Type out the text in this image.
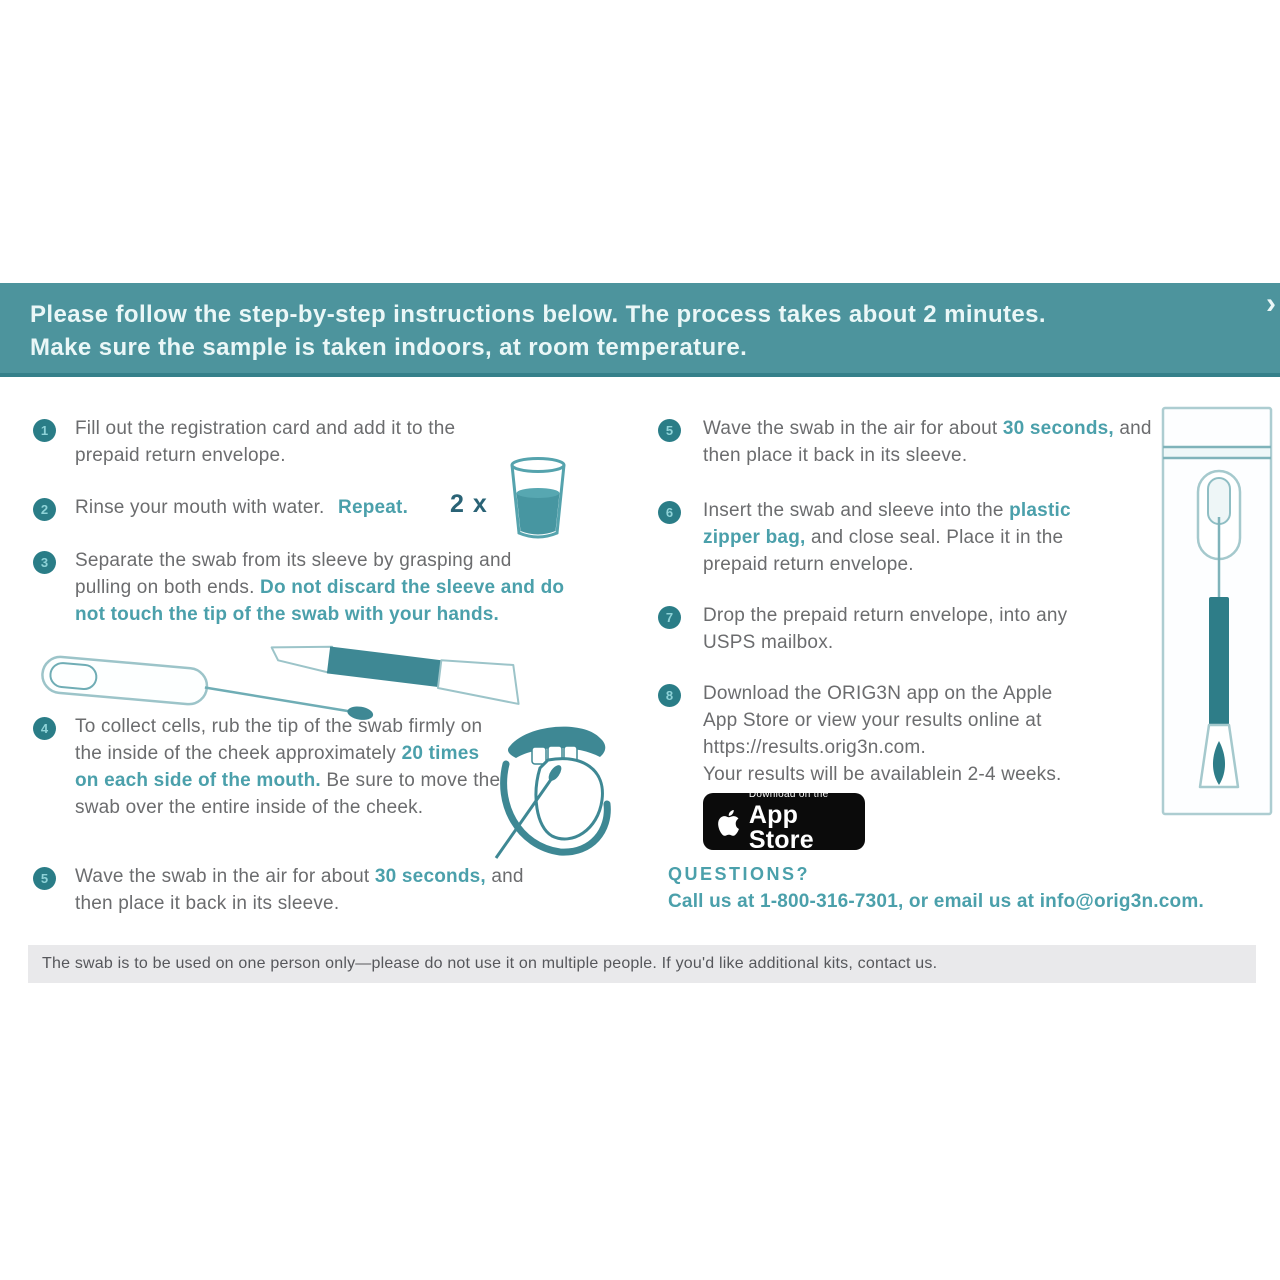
Please follow the step-by-step instructions below. The process takes about 2 minutes.
Make sure the sample is taken indoors, at room temperature.
›
1	Fill out the registration card and add it to the prepaid return envelope.
2	Rinse your mouth with water. Repeat.	2 x
3	Separate the swab from its sleeve by grasping and pulling on both ends. Do not discard the sleeve and do not touch the tip of the swab with your hands.
4	To collect cells, rub the tip of the swab firmly on the inside of the cheek approximately 20 times on each side of the mouth. Be sure to move the swab over the entire inside of the cheek.
5	Wave the swab in the air for about 30 seconds, and then place it back in its sleeve.
5	Wave the swab in the air for about 30 seconds, and then place it back in its sleeve.
6	Insert the swab and sleeve into the plastic zipper bag, and close seal. Place it in the prepaid return envelope.
7	Drop the prepaid return envelope, into any USPS mailbox.
8	Download the ORIG3N app on the Apple App Store or view your results online at https://results.orig3n.com.
Your results will be availablein 2-4 weeks.
Download on the
App Store
QUESTIONS?
Call us at 1-800-316-7301, or email us at info@orig3n.com.
The swab is to be used on one person only—please do not use it on multiple people. If you'd like additional kits, contact us.
